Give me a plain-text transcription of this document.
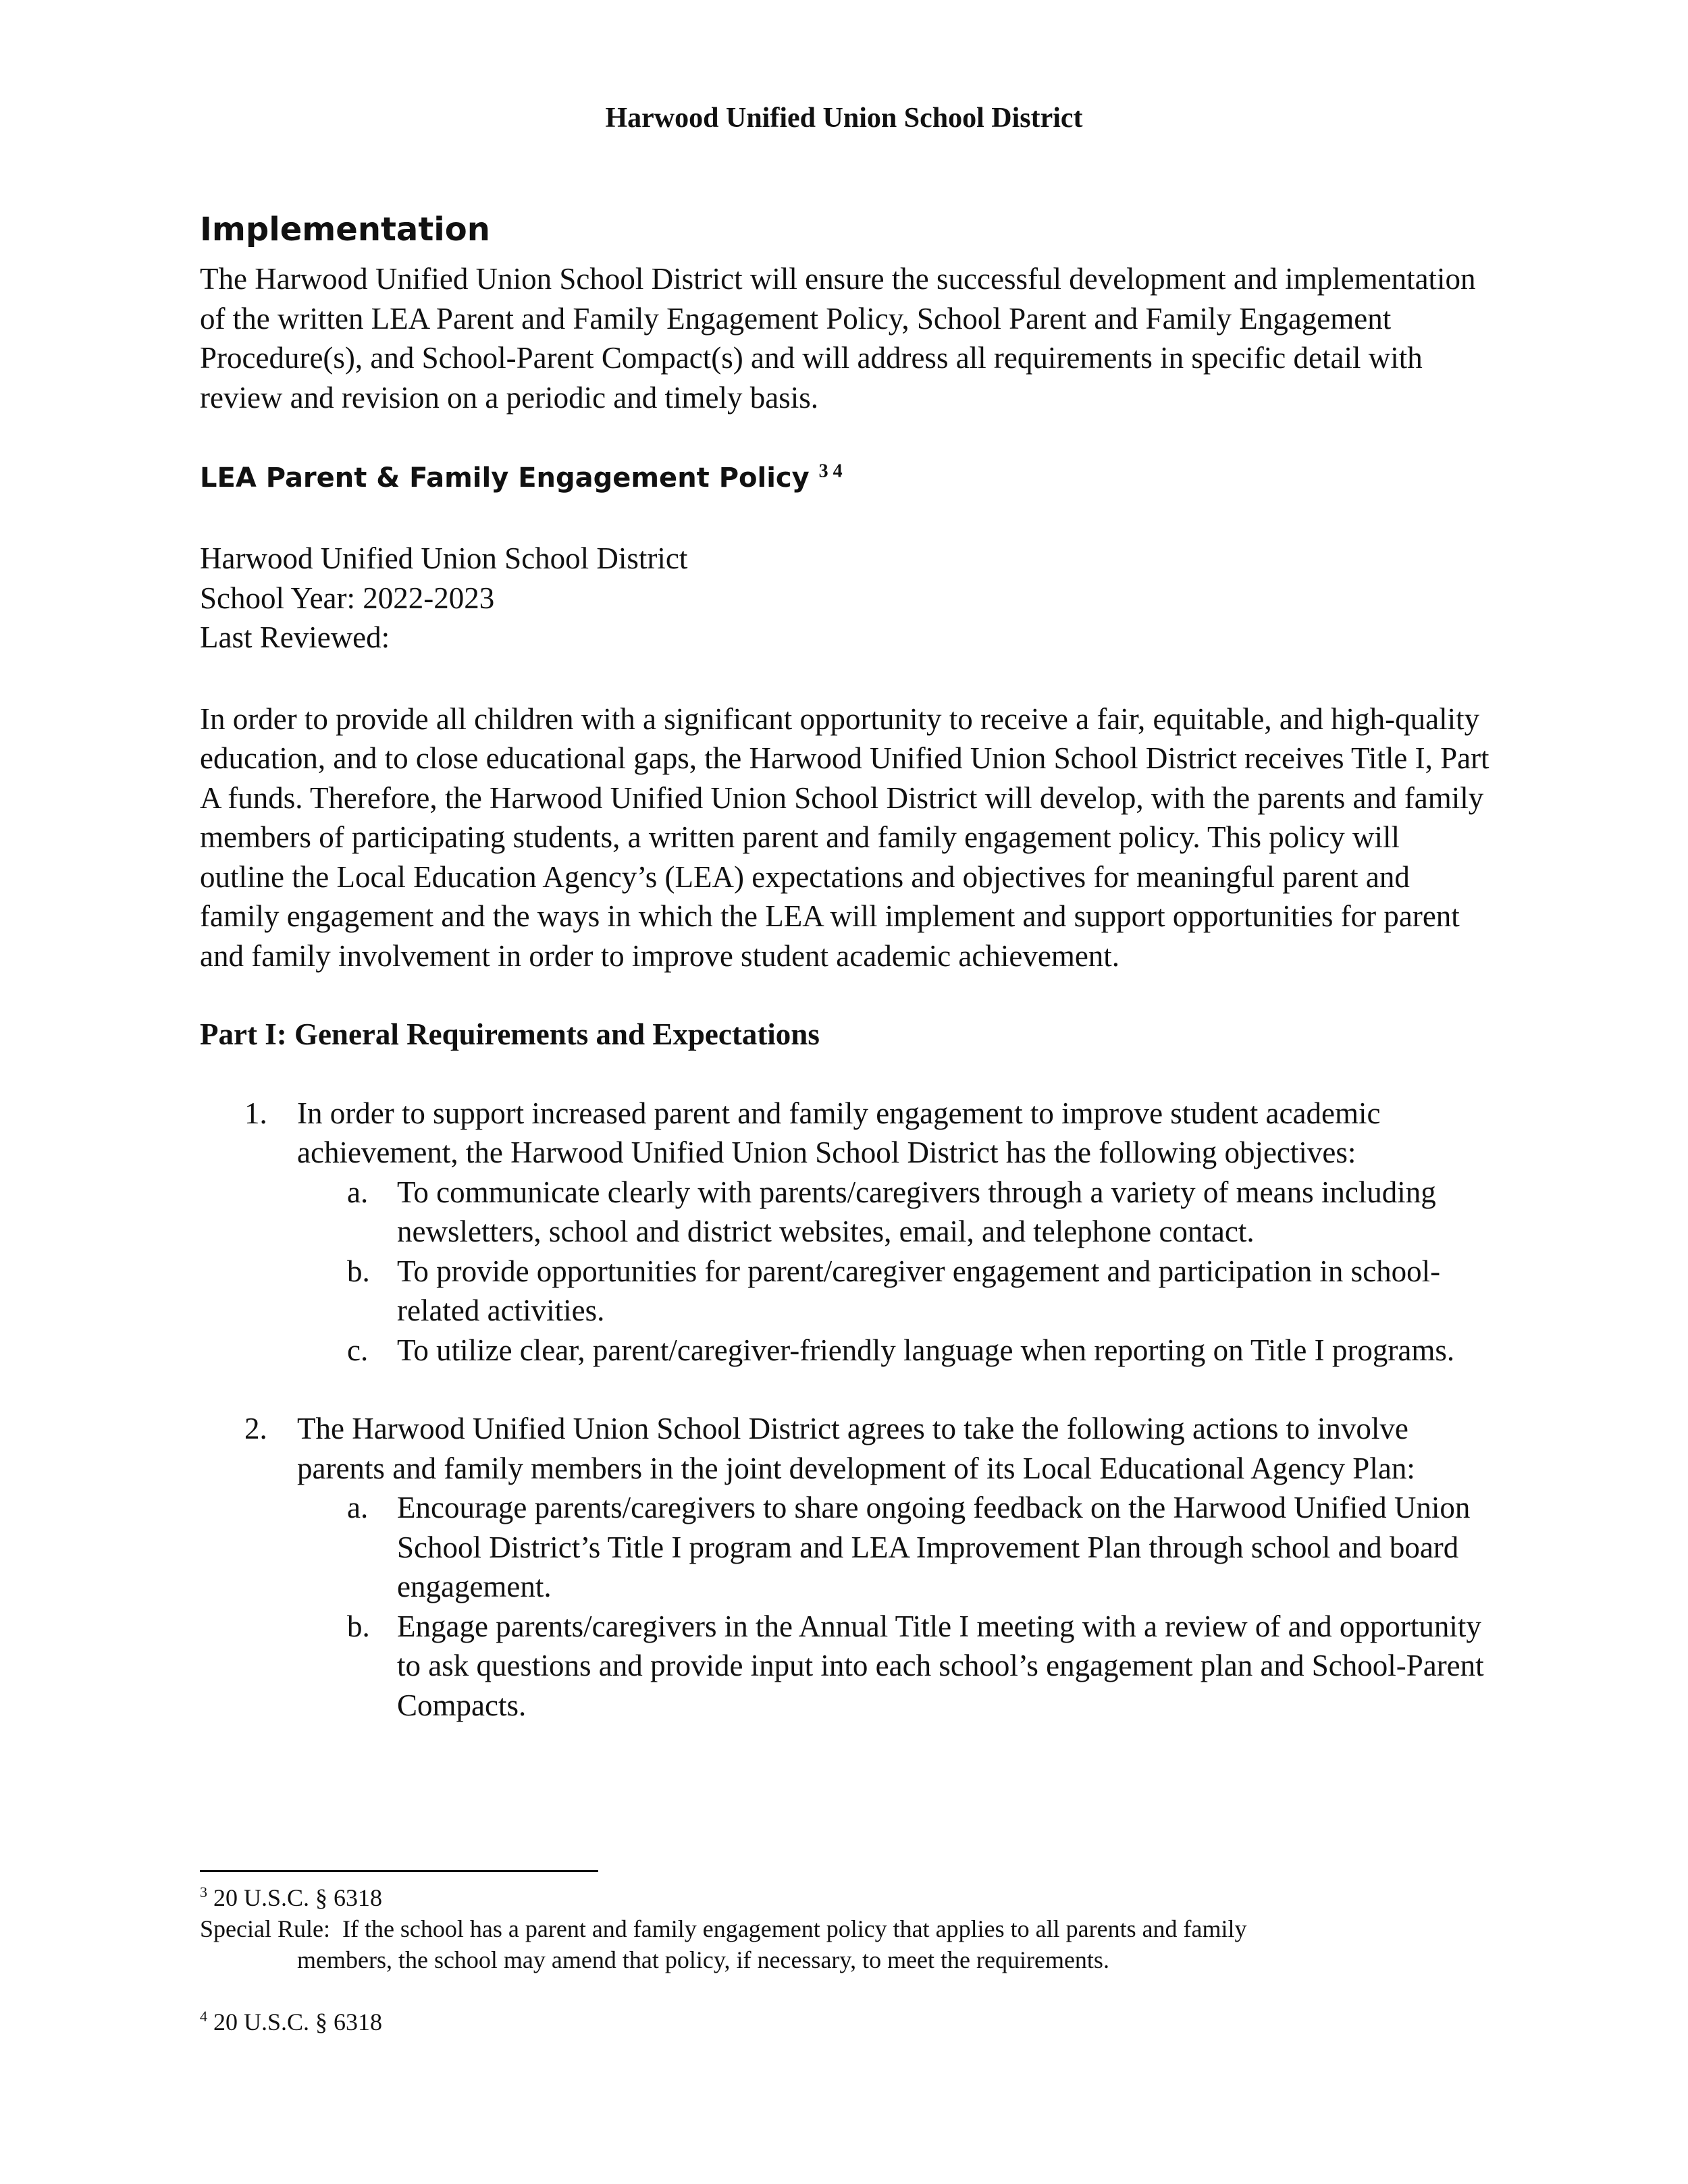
Harwood Unified Union School District
Implementation

The Harwood Unified Union School District will ensure the successful development and implementation of the written LEA Parent and Family Engagement Policy, School Parent and Family Engagement Procedure(s), and School-Parent Compact(s) and will address all requirements in specific detail with review and revision on a periodic and timely basis.

LEA Parent & Family Engagement Policy $^{3 4}$
Harwood Unified Union School District
School Year: 2022-2023
Last Reviewed:

In order to provide all children with a significant opportunity to receive a fair, equitable, and high-quality education, and to close educational gaps, the Harwood Unified Union School District receives Title I, Part A funds. Therefore, the Harwood Unified Union School District will develop, with the parents and family members of participating students, a written parent and family engagement policy. This policy will outline the Local Education Agency’s (LEA) expectations and objectives for meaningful parent and family engagement and the ways in which the LEA will implement and support opportunities for parent and family involvement in order to improve student academic achievement.

Part I: General Requirements and Expectations
1. In order to support increased parent and family engagement to improve student academic achievement, the Harwood Unified Union School District has the following objectives:
a. To communicate clearly with parents/caregivers through a variety of means including newsletters, school and district websites, email, and telephone contact.
b. To provide opportunities for parent/caregiver engagement and participation in school-related activities.
c. To utilize clear, parent/caregiver-friendly language when reporting on Title I programs.
2. The Harwood Unified Union School District agrees to take the following actions to involve parents and family members in the joint development of its Local Educational Agency Plan:
a. Encourage parents/caregivers to share ongoing feedback on the Harwood Unified Union School District’s Title I program and LEA Improvement Plan through school and board engagement.
b. Engage parents/caregivers in the Annual Title I meeting with a review of and opportunity to ask questions and provide input into each school’s engagement plan and School-Parent Compacts.
$^3$ 20 U.S.C. § 6318
Special Rule: If the school has a parent and family engagement policy that applies to all parents and family
members, the school may amend that policy, if necessary, to meet the requirements.
$^4$ 20 U.S.C. § 6318
